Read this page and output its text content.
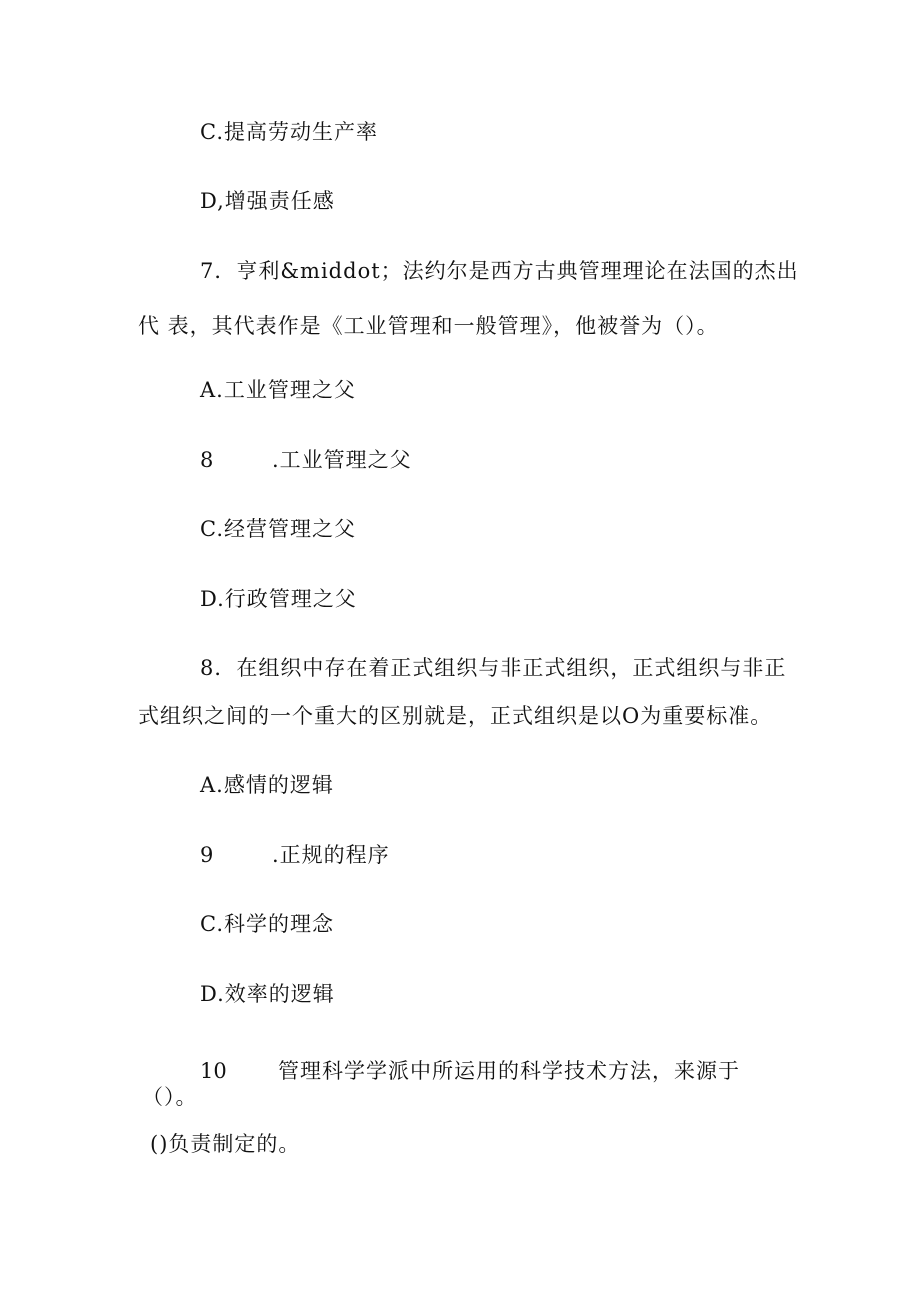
C.提高劳动生产率
D,增强责任感
7．亨利&middot；法约尔是西方古典管理理论在法国的杰出
代 表，其代表作是《工业管理和一般管理》，他被誉为（）。
A.工业管理之父
8	.工业管理之父
C.经营管理之父
D.行政管理之父
8．在组织中存在着正式组织与非正式组织，正式组织与非正
式组织之间的一个重大的区别就是，正式组织是以O为重要标准。
A.感情的逻辑
9	.正规的程序
C.科学的理念
D.效率的逻辑
10 管理科学学派中所运用的科学技术方法，来源于
（）。
()负责制定的。
